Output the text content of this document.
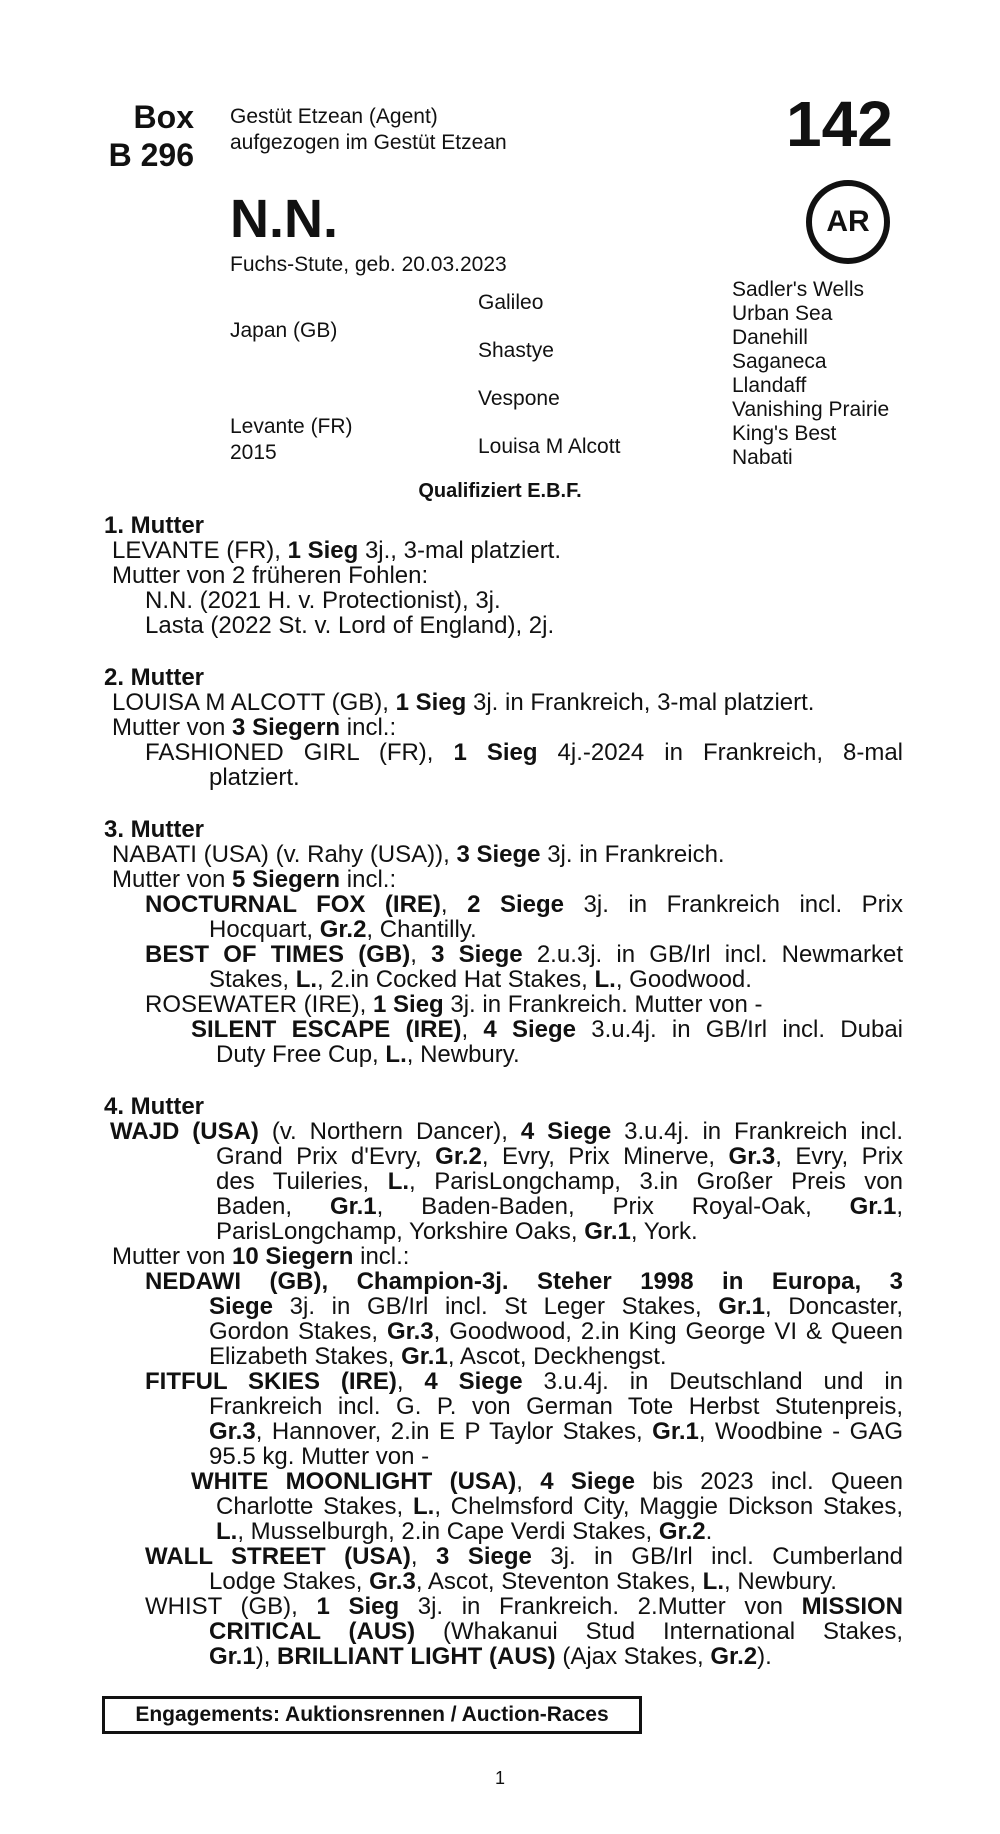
Box
B 296
Gestüt Etzean (Agent)
aufgezogen im Gestüt Etzean	142
AR
N.N.
Fuchs-Stute, geb. 20.03.2023
Galileo
Japan (GB)
Shastye
Vespone
Levante (FR)
2015	Louisa M Alcott
Sadler's Wells
Urban Sea
Danehill
Saganeca
Llandaff
Vanishing Prairie
King's Best
Nabati
Qualifiziert E.B.F.
1. Mutter
LEVANTE (FR), 1 Sieg 3j., 3-mal platziert.
Mutter von 2 früheren Fohlen:
N.N. (2021 H. v. Protectionist), 3j.
Lasta (2022 St. v. Lord of England), 2j.
2. Mutter
LOUISA M ALCOTT (GB), 1 Sieg 3j. in Frankreich, 3-mal platziert.
Mutter von 3 Siegern incl.:
FASHIONED GIRL (FR), 1 Sieg 4j.-2024 in Frankreich, 8-mal
platziert.
3. Mutter
NABATI (USA) (v. Rahy (USA)), 3 Siege 3j. in Frankreich.
Mutter von 5 Siegern incl.:
NOCTURNAL FOX (IRE), 2 Siege 3j. in Frankreich incl. Prix
Hocquart, Gr.2, Chantilly.
BEST OF TIMES (GB), 3 Siege 2.u.3j. in GB/Irl incl. Newmarket
Stakes, L., 2.in Cocked Hat Stakes, L., Goodwood.
ROSEWATER (IRE), 1 Sieg 3j. in Frankreich. Mutter von -
SILENT ESCAPE (IRE), 4 Siege 3.u.4j. in GB/Irl incl. Dubai
Duty Free Cup, L., Newbury.
4. Mutter
WAJD (USA) (v. Northern Dancer), 4 Siege 3.u.4j. in Frankreich incl.
Grand Prix d'Evry, Gr.2, Evry, Prix Minerve, Gr.3, Evry, Prix
des Tuileries, L., ParisLongchamp, 3.in Großer Preis von
Baden, Gr.1, Baden-Baden, Prix Royal-Oak, Gr.1,
ParisLongchamp, Yorkshire Oaks, Gr.1, York.
Mutter von 10 Siegern incl.:
NEDAWI (GB), Champion-3j. Steher 1998 in Europa, 3
Siege 3j. in GB/Irl incl. St Leger Stakes, Gr.1, Doncaster,
Gordon Stakes, Gr.3, Goodwood, 2.in King George VI & Queen
Elizabeth Stakes, Gr.1, Ascot, Deckhengst.
FITFUL SKIES (IRE), 4 Siege 3.u.4j. in Deutschland und in
Frankreich incl. G. P. von German Tote Herbst Stutenpreis,
Gr.3, Hannover, 2.in E P Taylor Stakes, Gr.1, Woodbine - GAG
95.5 kg. Mutter von -
WHITE MOONLIGHT (USA), 4 Siege bis 2023 incl. Queen
Charlotte Stakes, L., Chelmsford City, Maggie Dickson Stakes,
L., Musselburgh, 2.in Cape Verdi Stakes, Gr.2.
WALL STREET (USA), 3 Siege 3j. in GB/Irl incl. Cumberland
Lodge Stakes, Gr.3, Ascot, Steventon Stakes, L., Newbury.
WHIST (GB), 1 Sieg 3j. in Frankreich. 2.Mutter von MISSION
CRITICAL (AUS) (Whakanui Stud International Stakes,
Gr.1), BRILLIANT LIGHT (AUS) (Ajax Stakes, Gr.2).
Engagements: Auktionsrennen / Auction-Races
1
